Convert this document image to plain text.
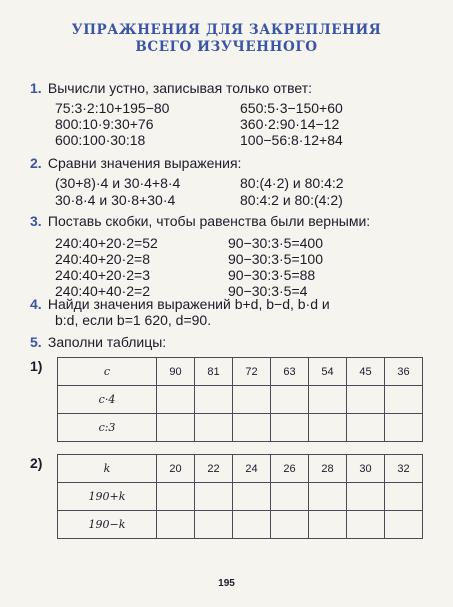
УПРАЖНЕНИЯ ДЛЯ ЗАКРЕПЛЕНИЯ
ВСЕГО ИЗУЧЕННОГО
1. Вычисли устно, записывая только ответ:
75:3·2:10+195−80
800:10·9:30+76
600:100·30:18
650:5·3−150+60
360·2:90·14−12
100−56:8·12+84
2. Сравни значения выражения:
(30+8)·4 и 30·4+8·4
30·8·4 и 30·8+30·4
80:(4·2) и 80:4:2
80:4:2 и 80:(4:2)
3. Поставь скобки, чтобы равенства были верными:
240:40+20·2=52
240:40+20·2=8
240:40+20·2=3
240:40+40·2=2
90−30:3·5=400
90−30:3·5=100
90−30:3·5=88
90−30:3·5=4
4. Найди значения выражений b+d, b−d, b·d и
b:d, если b=1 620, d=90.
5. Заполни таблицы:
1)	c	90	81	72	63	54	45	36
c·4							
c:3							
2)	k	20	22	24	26	28	30	32
190+k							
190−k							
195
